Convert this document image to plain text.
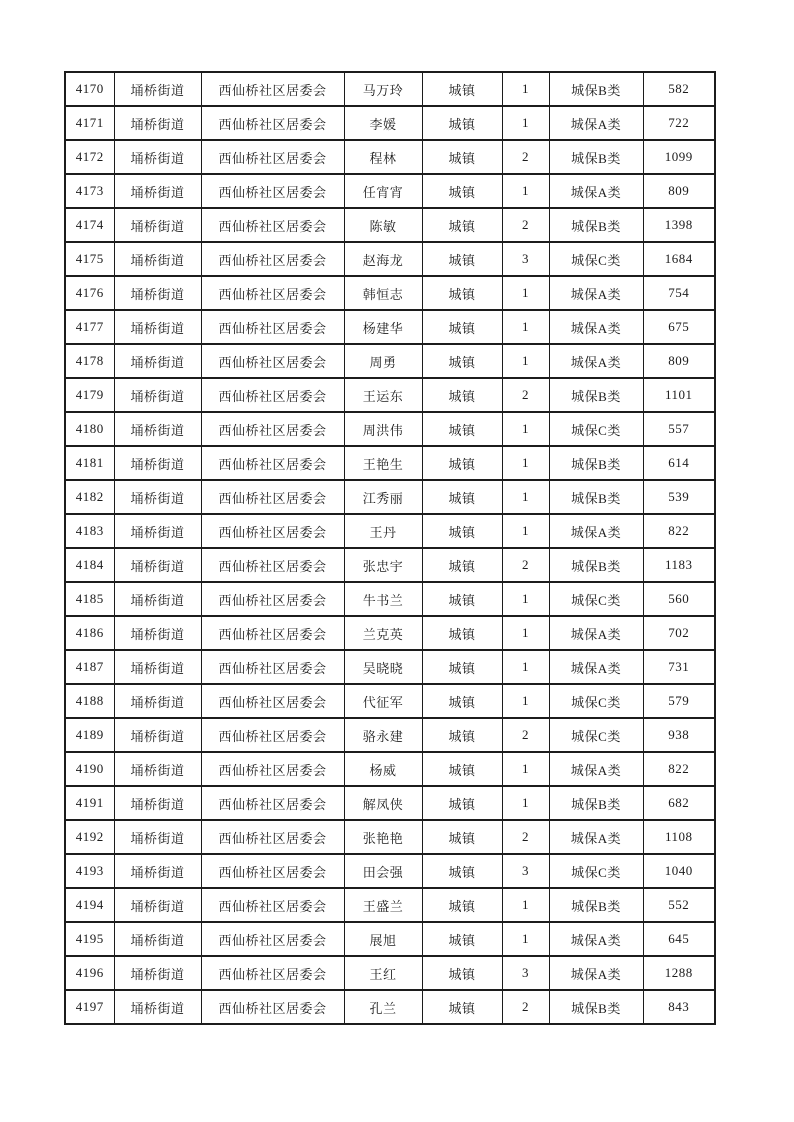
4170	埇桥街道	西仙桥社区居委会	马万玲	城镇	1	城保B类	582
4171	埇桥街道	西仙桥社区居委会	李媛	城镇	1	城保A类	722
4172	埇桥街道	西仙桥社区居委会	程林	城镇	2	城保B类	1099
4173	埇桥街道	西仙桥社区居委会	任宵宵	城镇	1	城保A类	809
4174	埇桥街道	西仙桥社区居委会	陈敏	城镇	2	城保B类	1398
4175	埇桥街道	西仙桥社区居委会	赵海龙	城镇	3	城保C类	1684
4176	埇桥街道	西仙桥社区居委会	韩恒志	城镇	1	城保A类	754
4177	埇桥街道	西仙桥社区居委会	杨建华	城镇	1	城保A类	675
4178	埇桥街道	西仙桥社区居委会	周勇	城镇	1	城保A类	809
4179	埇桥街道	西仙桥社区居委会	王运东	城镇	2	城保B类	1101
4180	埇桥街道	西仙桥社区居委会	周洪伟	城镇	1	城保C类	557
4181	埇桥街道	西仙桥社区居委会	王艳生	城镇	1	城保B类	614
4182	埇桥街道	西仙桥社区居委会	江秀丽	城镇	1	城保B类	539
4183	埇桥街道	西仙桥社区居委会	王丹	城镇	1	城保A类	822
4184	埇桥街道	西仙桥社区居委会	张忠宇	城镇	2	城保B类	1183
4185	埇桥街道	西仙桥社区居委会	牛书兰	城镇	1	城保C类	560
4186	埇桥街道	西仙桥社区居委会	兰克英	城镇	1	城保A类	702
4187	埇桥街道	西仙桥社区居委会	吴晓晓	城镇	1	城保A类	731
4188	埇桥街道	西仙桥社区居委会	代征军	城镇	1	城保C类	579
4189	埇桥街道	西仙桥社区居委会	骆永建	城镇	2	城保C类	938
4190	埇桥街道	西仙桥社区居委会	杨威	城镇	1	城保A类	822
4191	埇桥街道	西仙桥社区居委会	解凤侠	城镇	1	城保B类	682
4192	埇桥街道	西仙桥社区居委会	张艳艳	城镇	2	城保A类	1108
4193	埇桥街道	西仙桥社区居委会	田会强	城镇	3	城保C类	1040
4194	埇桥街道	西仙桥社区居委会	王盛兰	城镇	1	城保B类	552
4195	埇桥街道	西仙桥社区居委会	展旭	城镇	1	城保A类	645
4196	埇桥街道	西仙桥社区居委会	王红	城镇	3	城保A类	1288
4197	埇桥街道	西仙桥社区居委会	孔兰	城镇	2	城保B类	843
